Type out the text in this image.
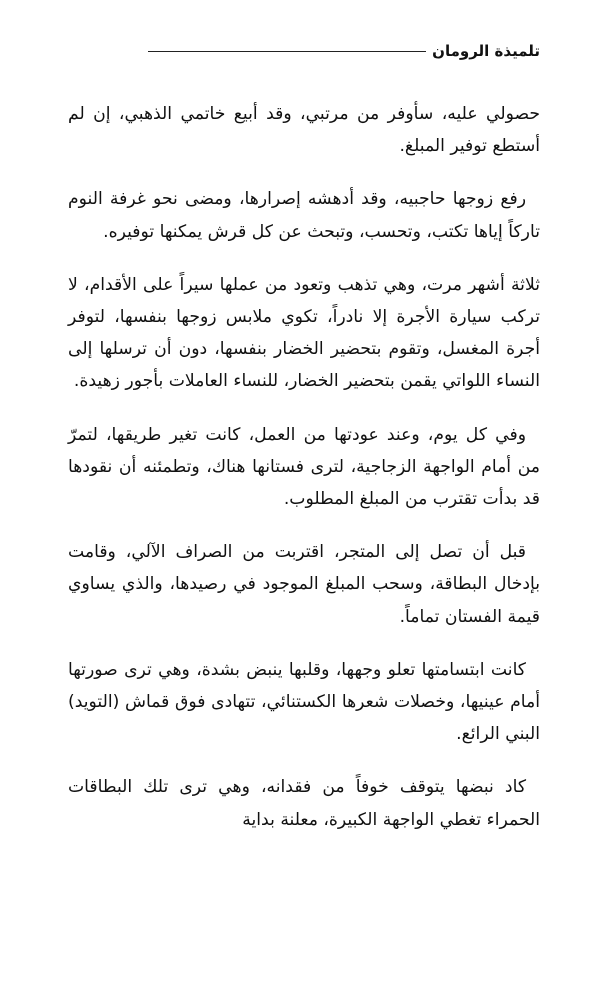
تلميذة الرومان

حصولي عليه، سأوفر من مرتبي، وقد أبيع خاتمي الذهبي، إن لم أستطع توفير المبلغ.

رفع زوجها حاجبيه، وقد أدهشه إصرارها، ومضى نحو غرفة النوم تاركاً إياها تكتب، وتحسب، وتبحث عن كل قرش يمكنها توفيره.

ثلاثة أشهر مرت، وهي تذهب وتعود من عملها سيراً على الأقدام، لا تركب سيارة الأجرة إلا نادراً، تكوي ملابس زوجها بنفسها، لتوفر أجرة المغسل، وتقوم بتحضير الخضار بنفسها، دون أن ترسلها إلى النساء اللواتي يقمن بتحضير الخضار، للنساء العاملات بأجور زهيدة.

وفي كل يوم، وعند عودتها من العمل، كانت تغير طريقها، لتمرّ من أمام الواجهة الزجاجية، لترى فستانها هناك، وتطمئنه أن نقودها قد بدأت تقترب من المبلغ المطلوب.

قبل أن تصل إلى المتجر، اقتربت من الصراف الآلي، وقامت بإدخال البطاقة، وسحب المبلغ الموجود في رصيدها، والذي يساوي قيمة الفستان تماماً.

كانت ابتسامتها تعلو وجهها، وقلبها ينبض بشدة، وهي ترى صورتها أمام عينيها، وخصلات شعرها الكستنائي، تتهادى فوق قماش (التويد) البني الرائع.

كاد نبضها يتوقف خوفاً من فقدانه، وهي ترى تلك البطاقات الحمراء تغطي الواجهة الكبيرة، معلنة بداية
